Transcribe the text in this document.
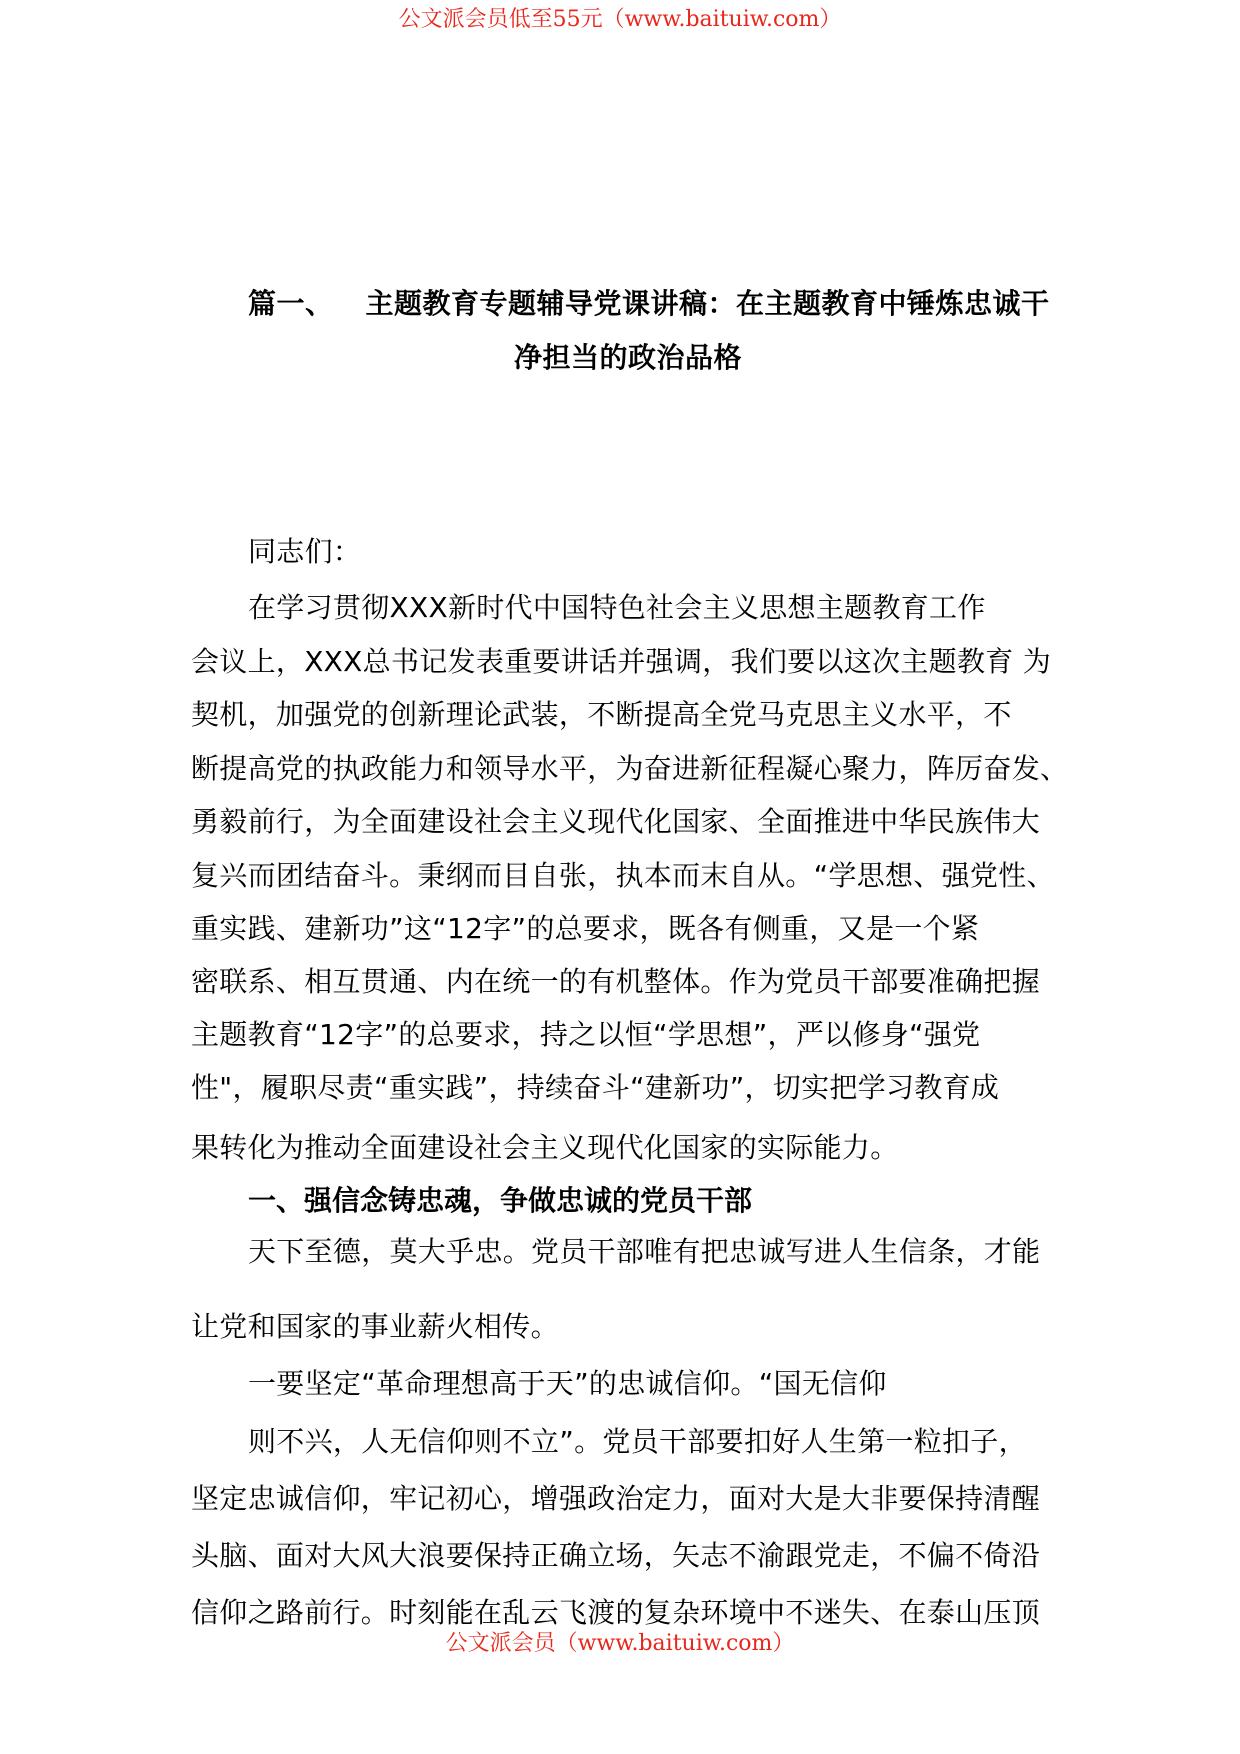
公文派会员低至55元（www.baituiw.com）
篇一、 主题教育专题辅导党课讲稿：在主题教育中锤炼忠诚干
净担当的政治品格
同志们：
在学习贯彻XXX新时代中国特色社会主义思想主题教育工作
会议上，XXX总书记发表重要讲话并强调，我们要以这次主题教育 为
契机，加强党的创新理论武装，不断提高全党马克思主义水平，不
断提高党的执政能力和领导水平，为奋进新征程凝心聚力，阵厉奋发、
勇毅前行，为全面建设社会主义现代化国家、全面推进中华民族伟大
复兴而团结奋斗。秉纲而目自张，执本而末自从。“学思想、强党性、
重实践、建新功”这“12字”的总要求，既各有侧重，又是一个紧
密联系、相互贯通、内在统一的有机整体。作为党员干部要准确把握
主题教育“12字”的总要求，持之以恒“学思想”，严以修身“强党
性"，履职尽责“重实践”，持续奋斗“建新功”，切实把学习教育成
果转化为推动全面建设社会主义现代化国家的实际能力。
一、强信念铸忠魂，争做忠诚的党员干部
天下至德，莫大乎忠。党员干部唯有把忠诚写进人生信条，才能
让党和国家的事业薪火相传。
一要坚定“革命理想高于天”的忠诚信仰。“国无信仰
则不兴，人无信仰则不立”。党员干部要扣好人生第一粒扣子，
坚定忠诚信仰，牢记初心，增强政治定力，面对大是大非要保持清醒
头脑、面对大风大浪要保持正确立场，矢志不渝跟党走，不偏不倚沿
信仰之路前行。时刻能在乱云飞渡的复杂环境中不迷失、在泰山压顶
公文派会员（www.baituiw.com）
